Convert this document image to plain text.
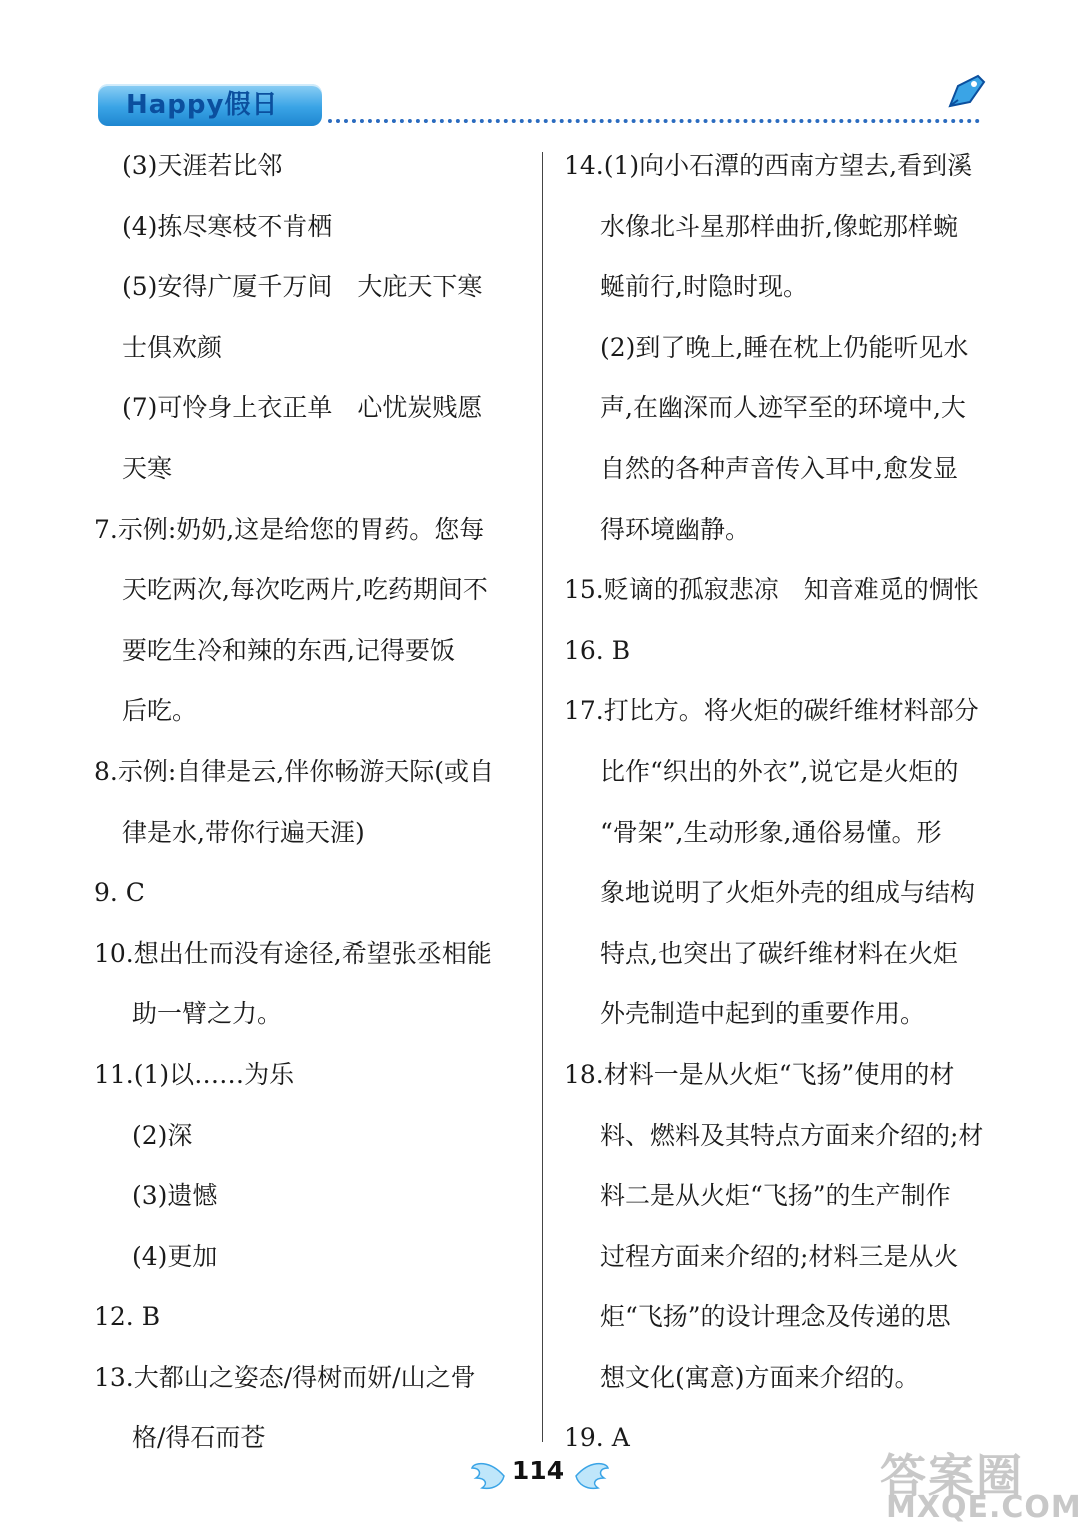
Happy假日
(3)天涯若比邻
(4)拣尽寒枝不肯栖
(5)安得广厦千万间　大庇天下寒
士俱欢颜
(7)可怜身上衣正单　心忧炭贱愿
天寒
7.示例:奶奶,这是给您的胃药。您每
天吃两次,每次吃两片,吃药期间不
要吃生冷和辣的东西,记得要饭
后吃。
8.示例:自律是云,伴你畅游天际(或自
律是水,带你行遍天涯)
9. C
10.想出仕而没有途径,希望张丞相能
助一臂之力。
11.(1)以……为乐
(2)深
(3)遗憾
(4)更加
12. B
13.大都山之姿态/得树而妍/山之骨
格/得石而苍
14.(1)向小石潭的西南方望去,看到溪
水像北斗星那样曲折,像蛇那样蜿
蜒前行,时隐时现。
(2)到了晚上,睡在枕上仍能听见水
声,在幽深而人迹罕至的环境中,大
自然的各种声音传入耳中,愈发显
得环境幽静。
15.贬谪的孤寂悲凉　知音难觅的惆怅
16. B
17.打比方。将火炬的碳纤维材料部分
比作“织出的外衣”,说它是火炬的
“骨架”,生动形象,通俗易懂。形
象地说明了火炬外壳的组成与结构
特点,也突出了碳纤维材料在火炬
外壳制造中起到的重要作用。
18.材料一是从火炬“飞扬”使用的材
料、燃料及其特点方面来介绍的;材
料二是从火炬“飞扬”的生产制作
过程方面来介绍的;材料三是从火
炬“飞扬”的设计理念及传递的思
想文化(寓意)方面来介绍的。
19. A
114	答案圈
MXQE.COM
